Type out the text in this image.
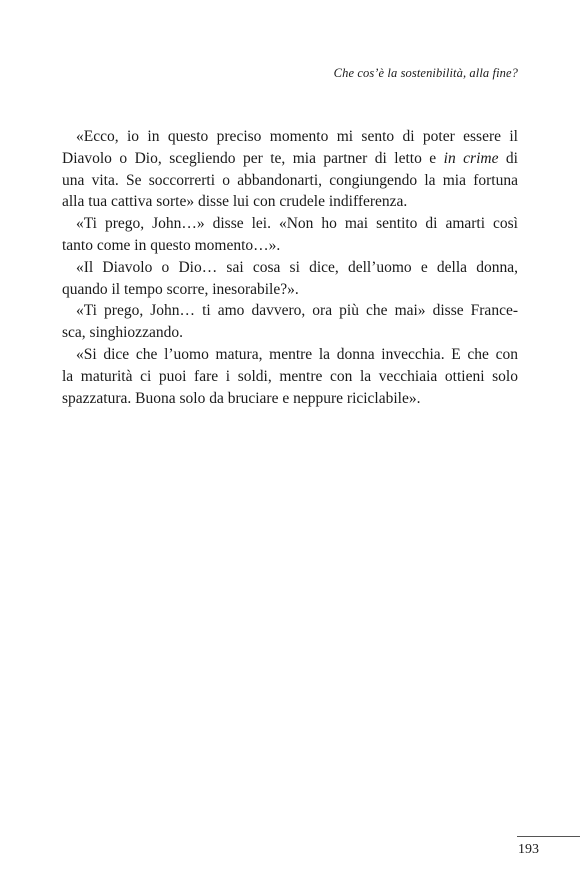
Che cos’è la sostenibilità, alla fine?
«Ecco, io in questo preciso momento mi sento di poter essere il
Diavolo o Dio, scegliendo per te, mia partner di letto e in crime di
una vita. Se soccorrerti o abbandonarti, congiungendo la mia fortuna
alla tua cattiva sorte» disse lui con crudele indifferenza.
«Ti prego, John…» disse lei. «Non ho mai sentito di amarti così
tanto come in questo momento…».
«Il Diavolo o Dio… sai cosa si dice, dell’uomo e della donna,
quando il tempo scorre, inesorabile?».
«Ti prego, John… ti amo davvero, ora più che mai» disse France-
sca, singhiozzando.
«Si dice che l’uomo matura, mentre la donna invecchia. E che con
la maturità ci puoi fare i soldi, mentre con la vecchiaia ottieni solo
spazzatura. Buona solo da bruciare e neppure riciclabile».
193
